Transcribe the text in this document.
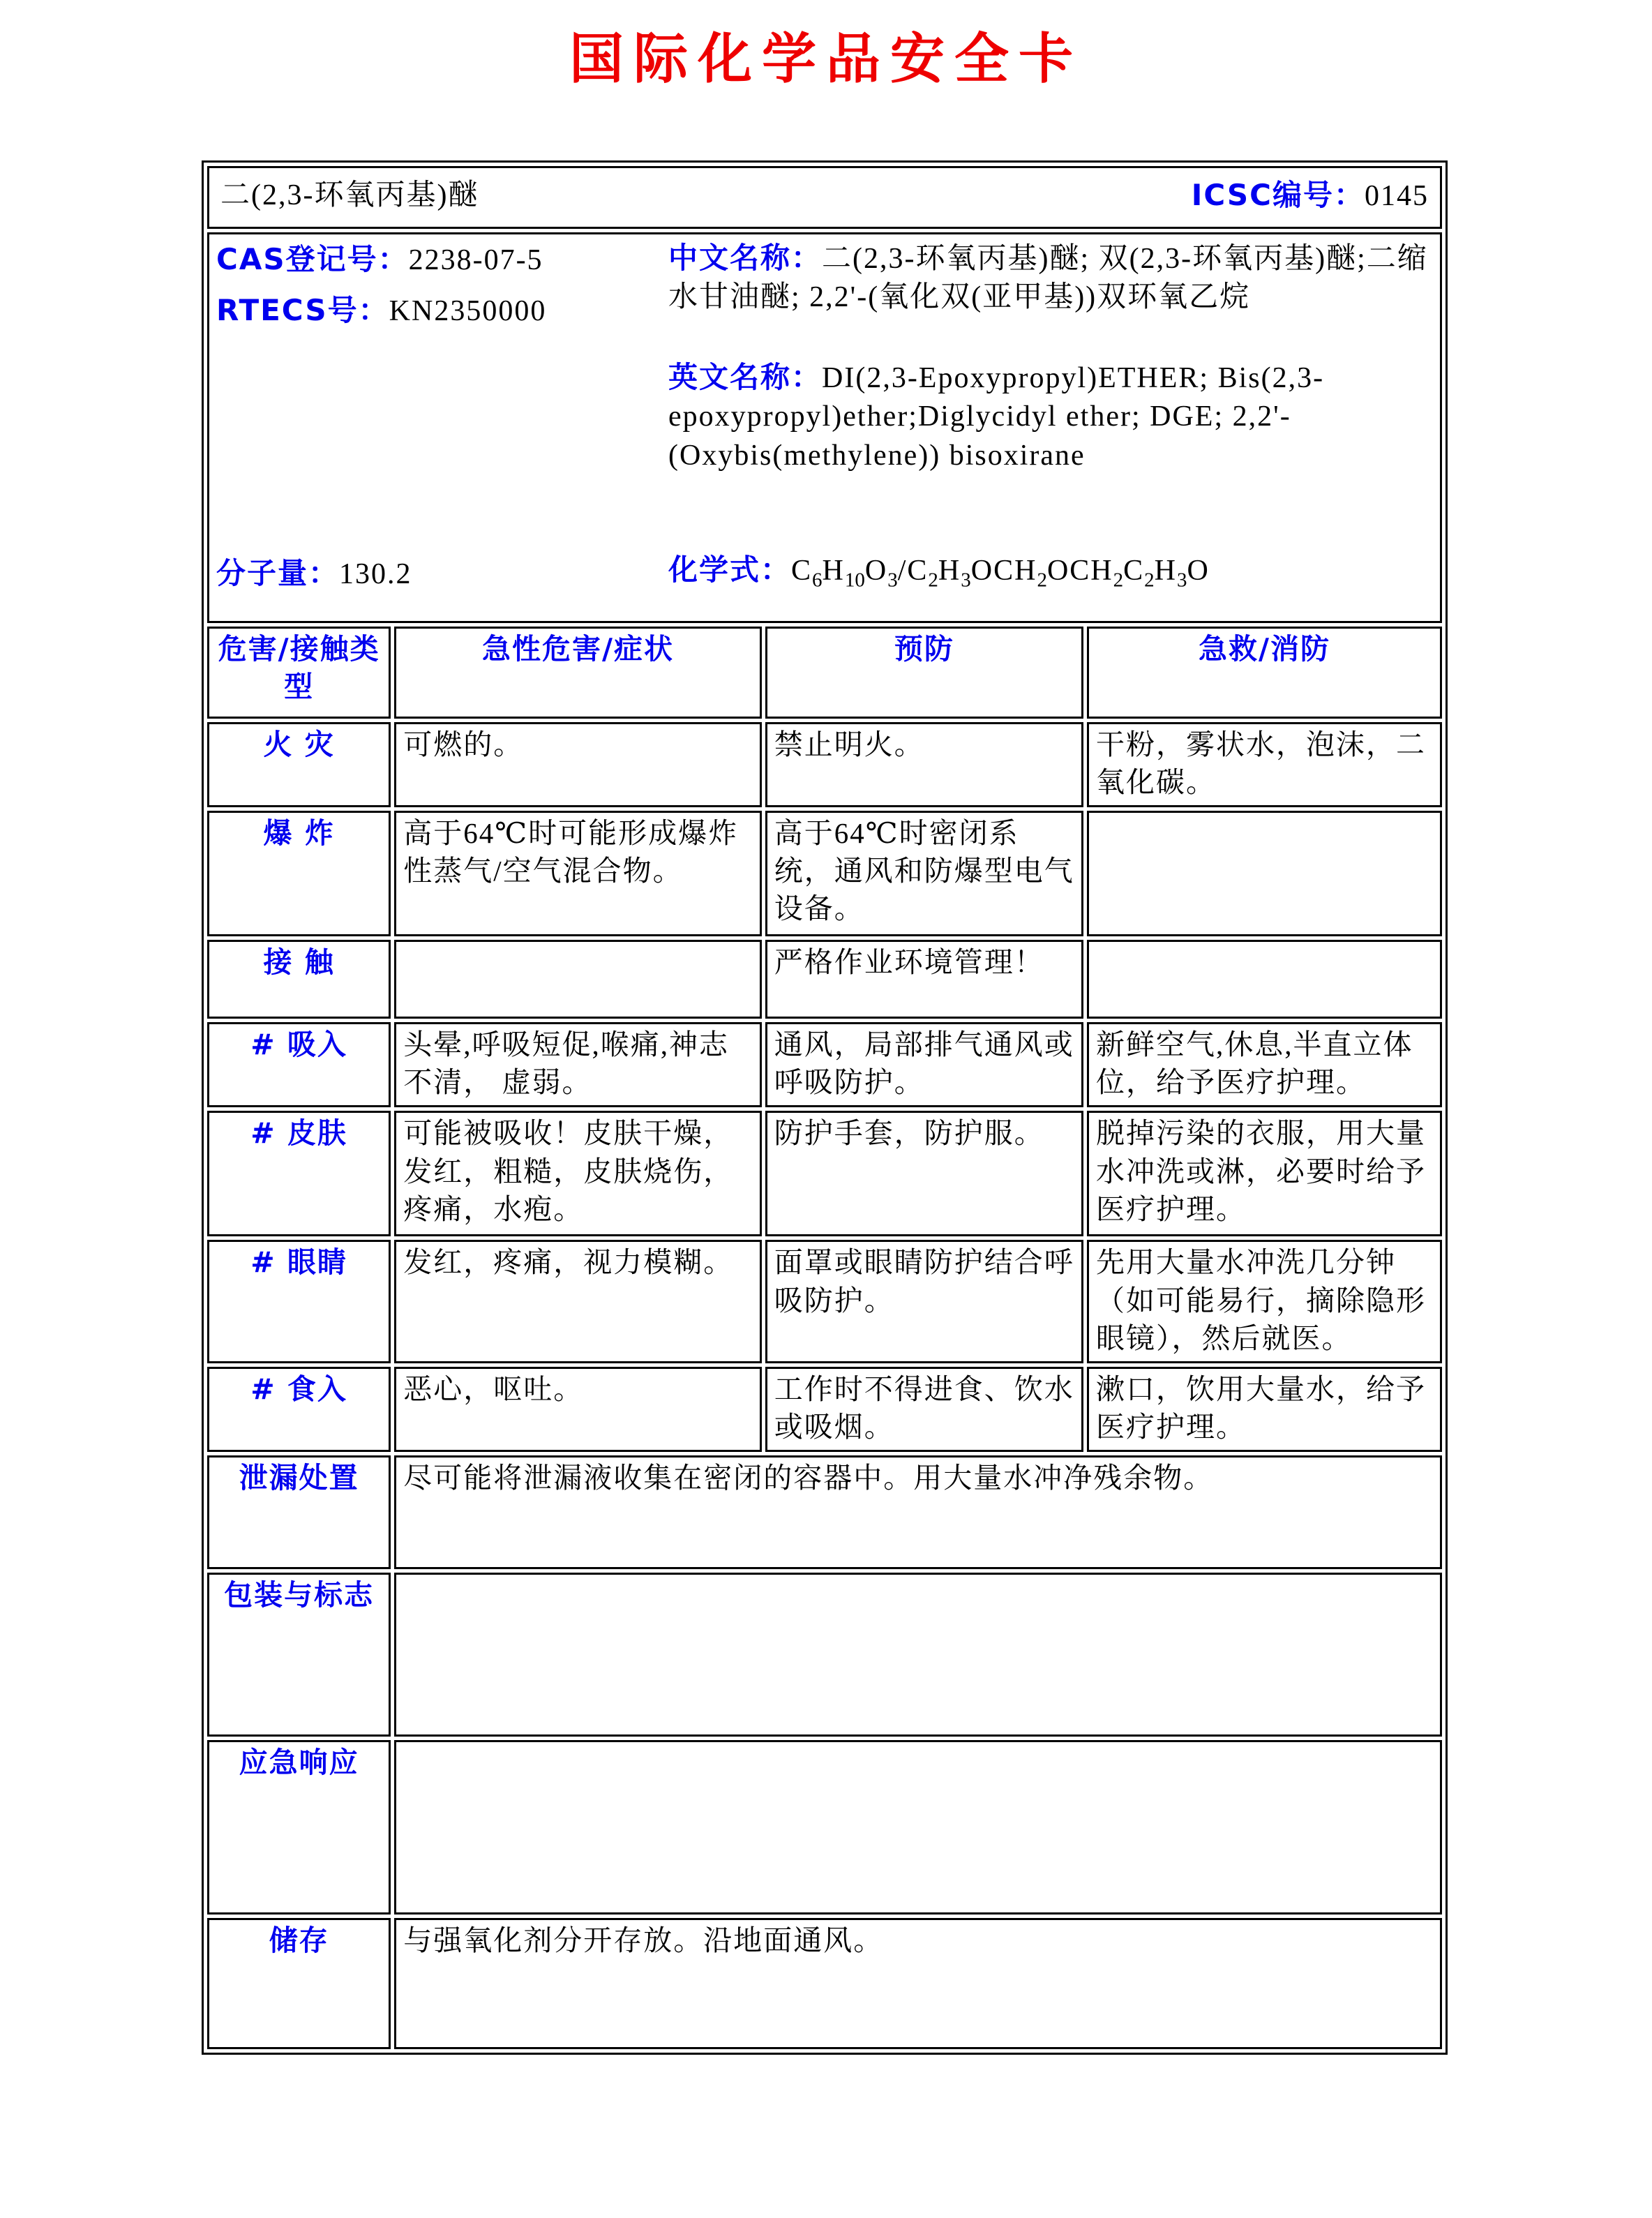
国际化学品安全卡
二(2,3-环氧丙基)醚 ICSC编号：0145			

CAS登记号：2238-07-5

RTECS号：KN2350000

中文名称：二(2,3-环氧丙基)醚; 双(2,3-环氧丙基)醚;二缩水甘油醚; 2,2'-(氧化双(亚甲基))双环氧乙烷

英文名称：DI(2,3-Epoxypropyl)ETHER; Bis(2,3-epoxypropyl)ether;Diglycidyl ether; DGE; 2,2'-(Oxybis(methylene)) bisoxirane

分子量：130.2	化学式：$C_6H_{10}O_3/C_2H_3OCH_2OCH_2C_2H_3O$

危害/接触类型	急性危害/症状	预防	急救/消防
火 灾	可燃的。	禁止明火。	干粉，雾状水，泡沫，二氧化碳。
爆 炸	高于64℃时可能形成爆炸性蒸气/空气混合物。	高于64℃时密闭系统，通风和防爆型电气设备。	
接 触		严格作业环境管理！	
# 吸入	头晕,呼吸短促,喉痛,神志不清， 虚弱。	通风，局部排气通风或呼吸防护。	新鲜空气,休息,半直立体位，给予医疗护理。
# 皮肤	可能被吸收！皮肤干燥，发红，粗糙，皮肤烧伤，疼痛，水疱。	防护手套，防护服。	脱掉污染的衣服，用大量水冲洗或淋，必要时给予医疗护理。
# 眼睛	发红，疼痛，视力模糊。	面罩或眼睛防护结合呼吸防护。	先用大量水冲洗几分钟（如可能易行，摘除隐形眼镜），然后就医。
# 食入	恶心，呕吐。	工作时不得进食、饮水或吸烟。	漱口，饮用大量水，给予医疗护理。
泄漏处置	尽可能将泄漏液收集在密闭的容器中。用大量水冲净残余物。		
包装与标志			
应急响应			
储存	与强氧化剂分开存放。沿地面通风。		
